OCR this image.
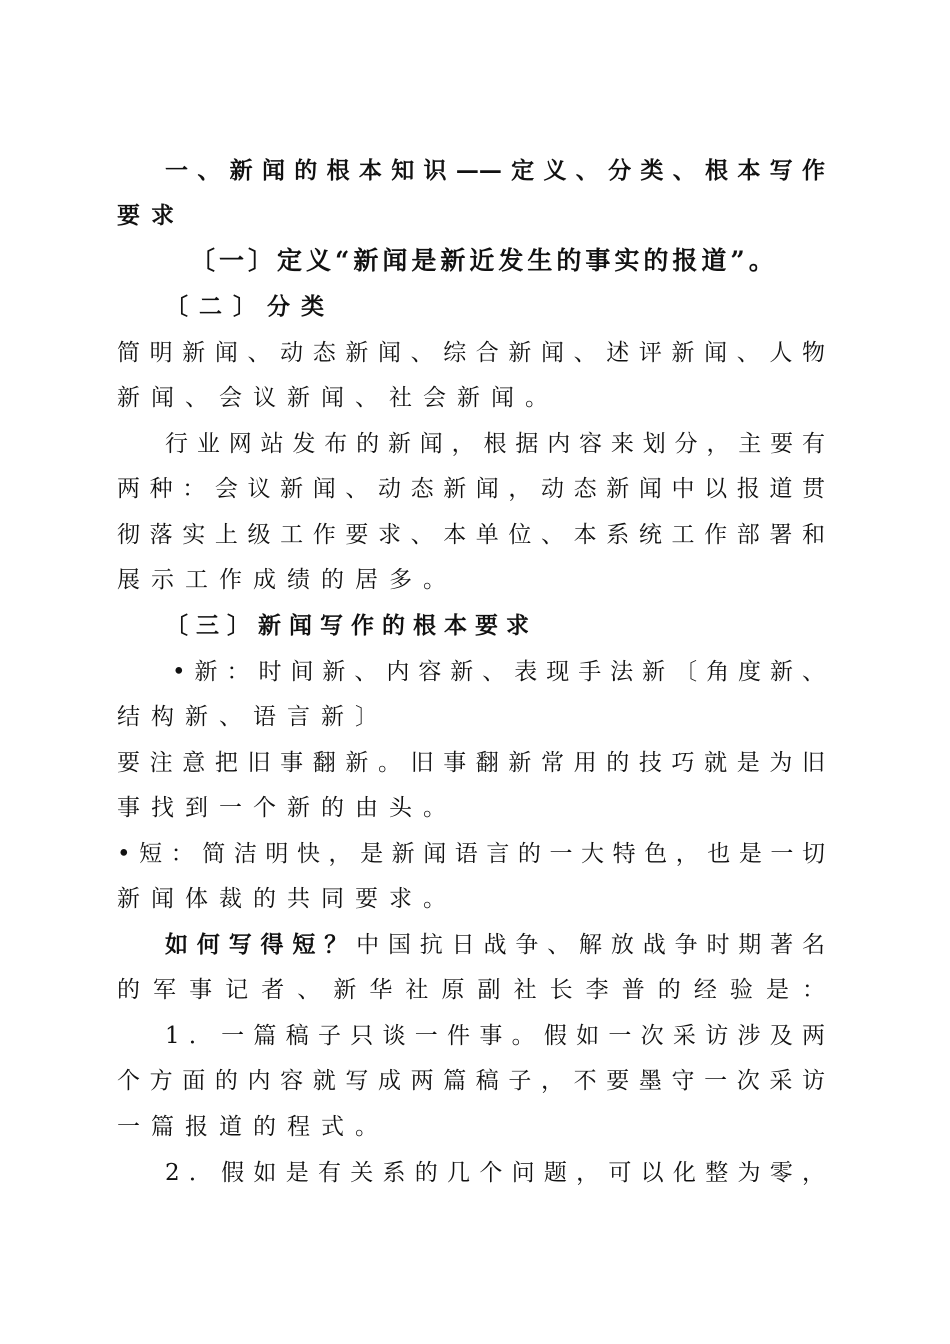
一、新闻的根本知识——定义、分类、根本写作
要求
〔一〕定义“新闻是新近发生的事实的报道”。
〔二〕分类
简明新闻、动态新闻、综合新闻、述评新闻、人物
新闻、会议新闻、社会新闻。
行业网站发布的新闻，根据内容来划分，主要有
两种：会议新闻、动态新闻，动态新闻中以报道贯
彻落实上级工作要求、本单位、本系统工作部署和
展示工作成绩的居多。
〔三〕新闻写作的根本要求
•新：时间新、内容新、表现手法新〔角度新、
结构新、语言新〕
要注意把旧事翻新。旧事翻新常用的技巧就是为旧
事找到一个新的由头。
•短：简洁明快，是新闻语言的一大特色，也是一切
新闻体裁的共同要求。
如何写得短？中国抗日战争、解放战争时期著名
的军事记者、新华社原副社长李普的经验是：
1．一篇稿子只谈一件事。假如一次采访涉及两
个方面的内容就写成两篇稿子，不要墨守一次采访
一篇报道的程式。
2．假如是有关系的几个问题，可以化整为零，
